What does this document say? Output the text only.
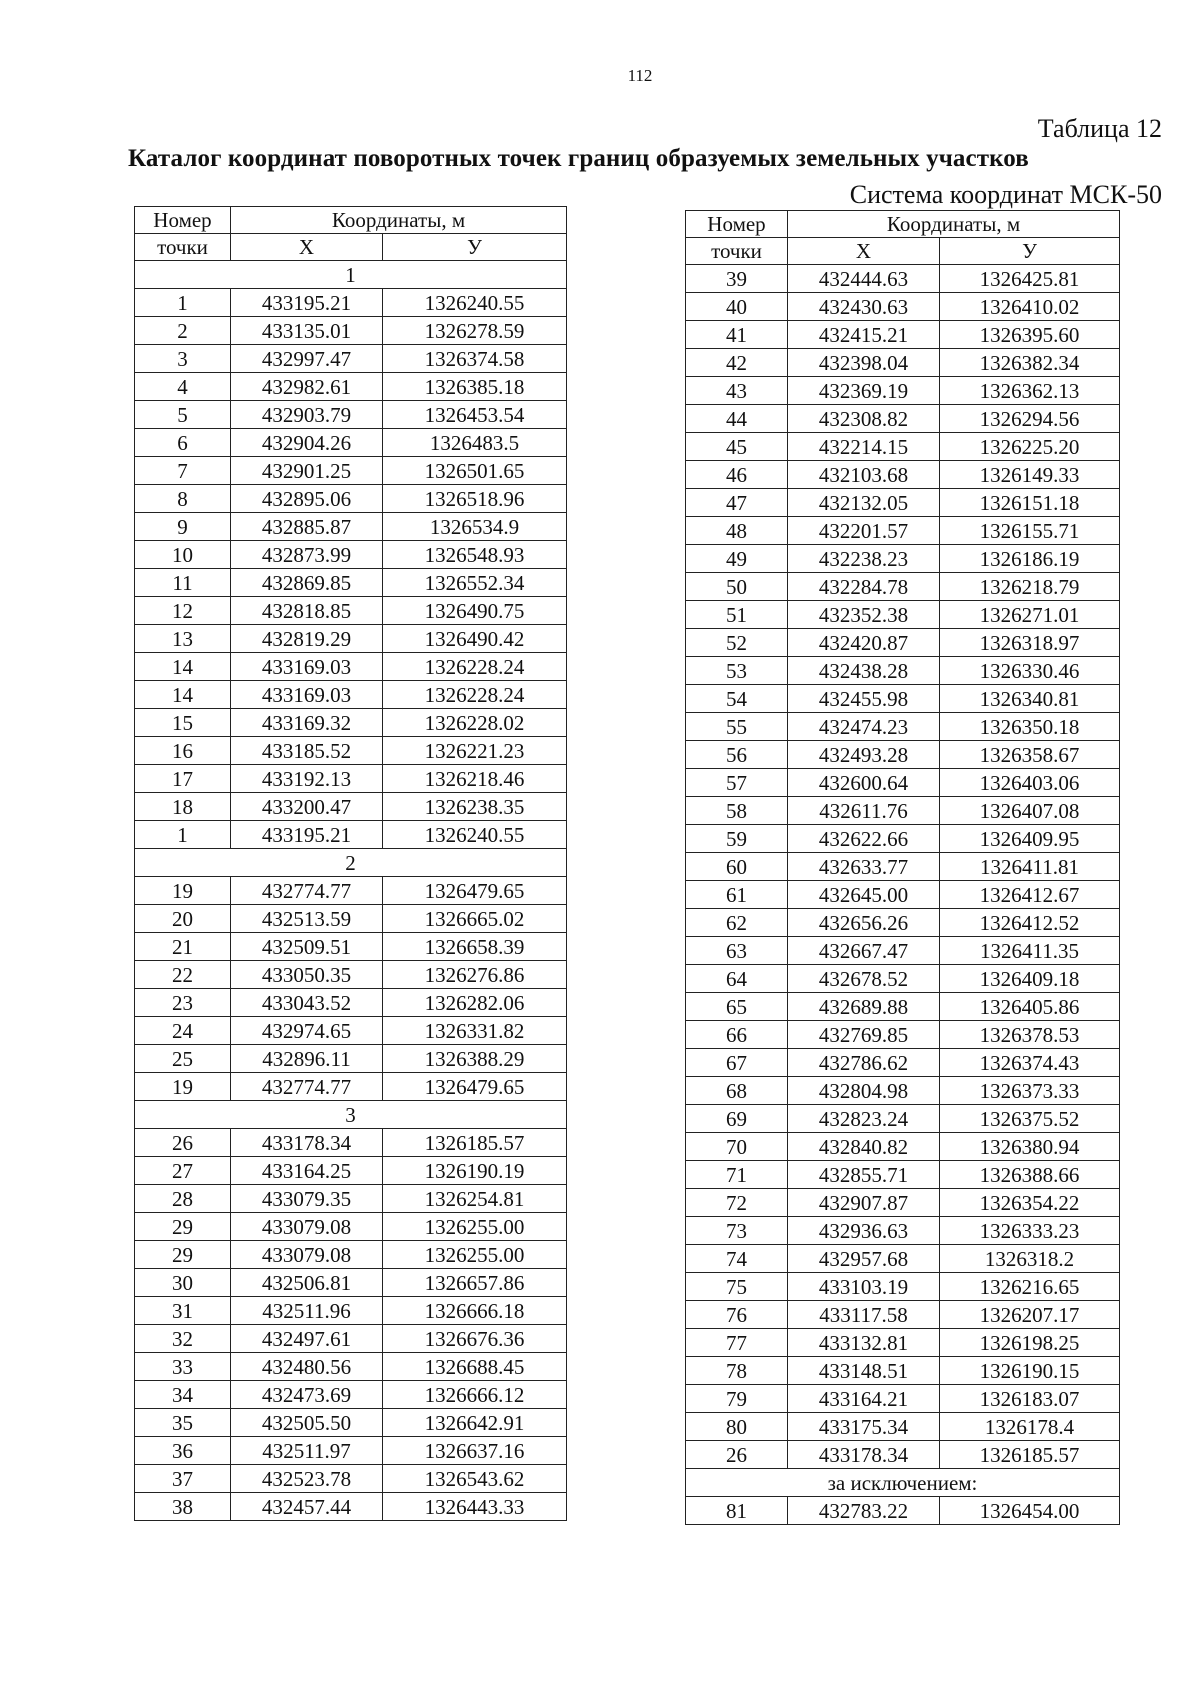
112
Таблица 12
Каталог координат поворотных точек границ образуемых земельных участков
Система координат МСК-50
Номер	Координаты, м	
точки	X	У
1		
1	433195.21	1326240.55
2	433135.01	1326278.59
3	432997.47	1326374.58
4	432982.61	1326385.18
5	432903.79	1326453.54
6	432904.26	1326483.5
7	432901.25	1326501.65
8	432895.06	1326518.96
9	432885.87	1326534.9
10	432873.99	1326548.93
11	432869.85	1326552.34
12	432818.85	1326490.75
13	432819.29	1326490.42
14	433169.03	1326228.24
14	433169.03	1326228.24
15	433169.32	1326228.02
16	433185.52	1326221.23
17	433192.13	1326218.46
18	433200.47	1326238.35
1	433195.21	1326240.55
2		
19	432774.77	1326479.65
20	432513.59	1326665.02
21	432509.51	1326658.39
22	433050.35	1326276.86
23	433043.52	1326282.06
24	432974.65	1326331.82
25	432896.11	1326388.29
19	432774.77	1326479.65
3		
26	433178.34	1326185.57
27	433164.25	1326190.19
28	433079.35	1326254.81
29	433079.08	1326255.00
29	433079.08	1326255.00
30	432506.81	1326657.86
31	432511.96	1326666.18
32	432497.61	1326676.36
33	432480.56	1326688.45
34	432473.69	1326666.12
35	432505.50	1326642.91
36	432511.97	1326637.16
37	432523.78	1326543.62
38	432457.44	1326443.33
Номер	Координаты, м	
точки	X	У
39	432444.63	1326425.81
40	432430.63	1326410.02
41	432415.21	1326395.60
42	432398.04	1326382.34
43	432369.19	1326362.13
44	432308.82	1326294.56
45	432214.15	1326225.20
46	432103.68	1326149.33
47	432132.05	1326151.18
48	432201.57	1326155.71
49	432238.23	1326186.19
50	432284.78	1326218.79
51	432352.38	1326271.01
52	432420.87	1326318.97
53	432438.28	1326330.46
54	432455.98	1326340.81
55	432474.23	1326350.18
56	432493.28	1326358.67
57	432600.64	1326403.06
58	432611.76	1326407.08
59	432622.66	1326409.95
60	432633.77	1326411.81
61	432645.00	1326412.67
62	432656.26	1326412.52
63	432667.47	1326411.35
64	432678.52	1326409.18
65	432689.88	1326405.86
66	432769.85	1326378.53
67	432786.62	1326374.43
68	432804.98	1326373.33
69	432823.24	1326375.52
70	432840.82	1326380.94
71	432855.71	1326388.66
72	432907.87	1326354.22
73	432936.63	1326333.23
74	432957.68	1326318.2
75	433103.19	1326216.65
76	433117.58	1326207.17
77	433132.81	1326198.25
78	433148.51	1326190.15
79	433164.21	1326183.07
80	433175.34	1326178.4
26	433178.34	1326185.57
за исключением:		
81	432783.22	1326454.00
